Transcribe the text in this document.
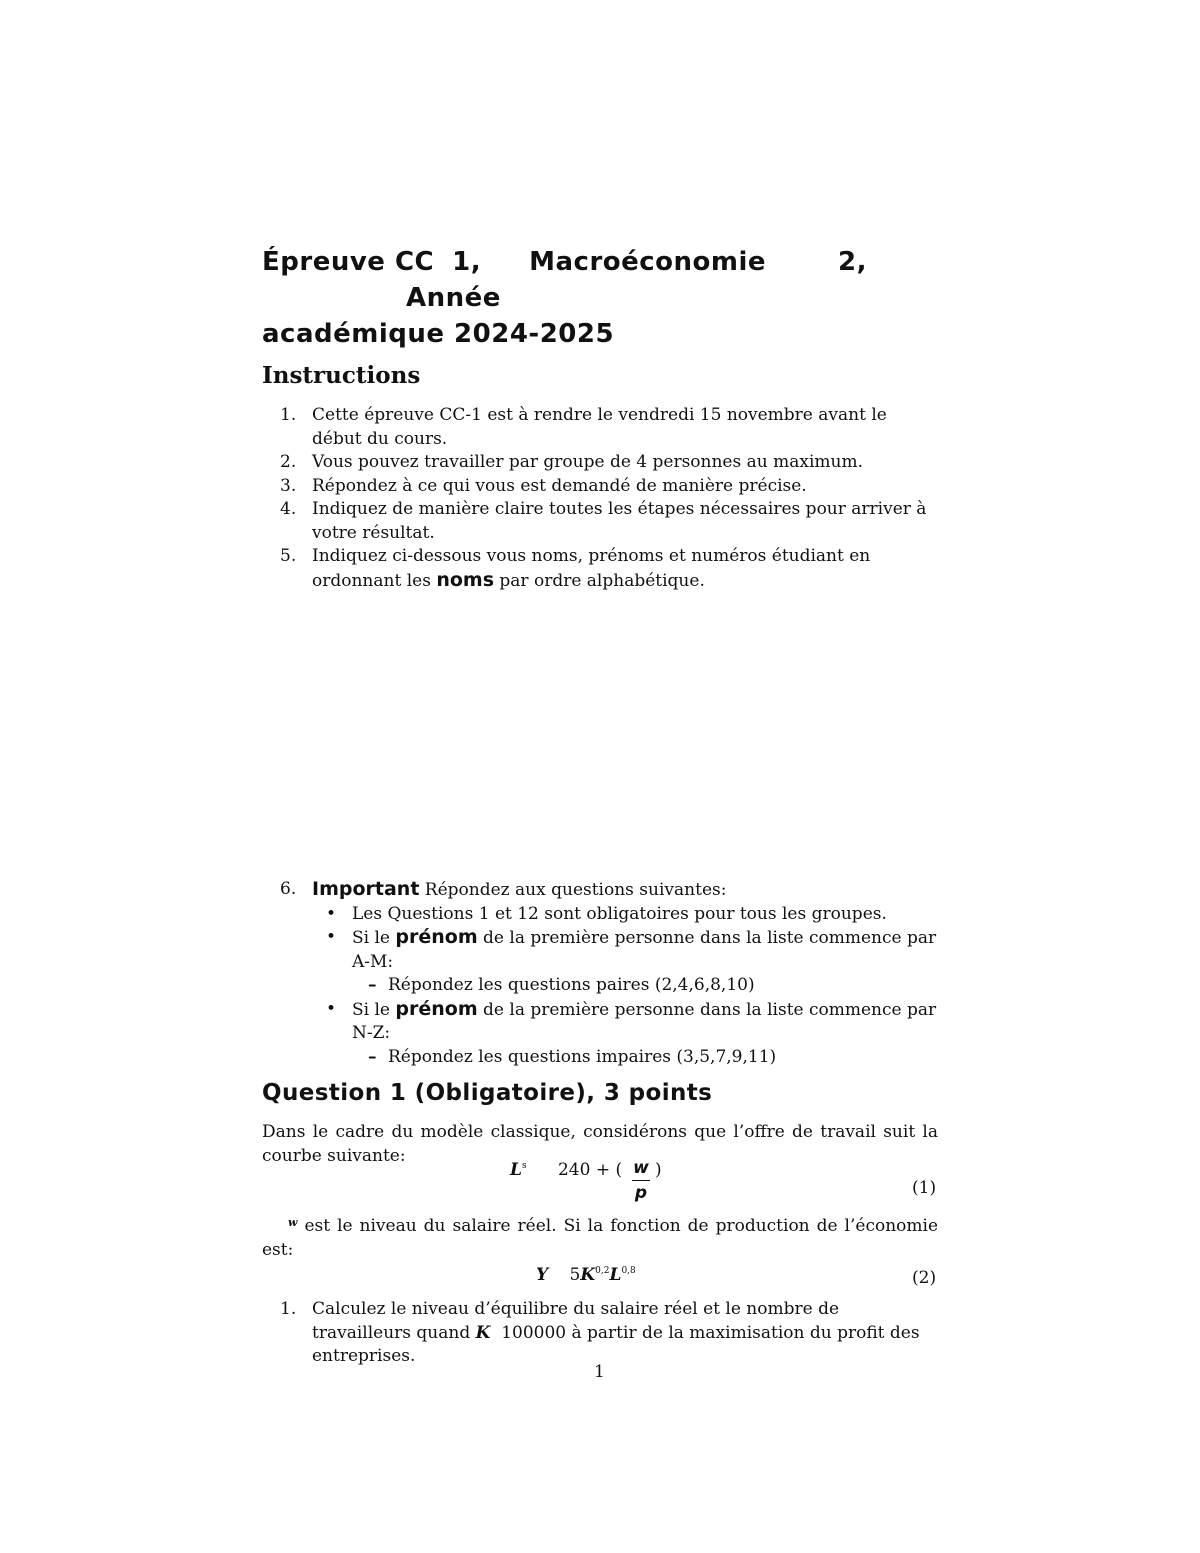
Épreuve CC 1, Macroéconomie	2,
Année
académique 2024-2025
Instructions
1. Cette épreuve CC-1 est à rendre le vendredi 15 novembre avant le début du cours.
2. Vous pouvez travailler par groupe de 4 personnes au maximum.
3. Répondez à ce qui vous est demandé de manière précise.
4. Indiquez de manière claire toutes les étapes nécessaires pour arriver à votre résultat.
5. Indiquez ci-dessous vous noms, prénoms et numéros étudiant en ordonnant les noms par ordre alphabétique.
6. Important Répondez aux questions suivantes:
• Les Questions 1 et 12 sont obligatoires pour tous les groupes.
• Si le prénom de la première personne dans la liste commence par A-M:
– Répondez les questions paires (2,4,6,8,10)
• Si le prénom de la première personne dans la liste commence par N-Z:
– Répondez les questions impaires (3,5,7,9,11)
Question 1 (Obligatoire), 3 points
Dans le cadre du modèle classique, considérons que l’offre de travail suit la courbe suivante:
$L^s$ 240 + ( )
w
p	(1)
$^w$ est le niveau du salaire réel. Si la fonction de production de l’économie est:
Y $5K^{0,2}L^{0,8}$	(2)
1. Calculez le niveau d’équilibre du salaire réel et le nombre de travailleurs quand K  100000 à partir de la maximisation du profit des entreprises.
1
